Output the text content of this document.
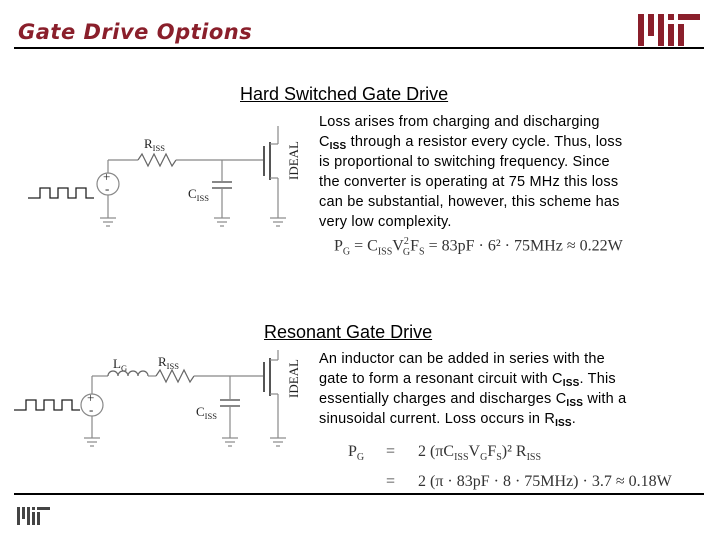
Gate Drive Options
Hard Switched Gate Drive
Loss arises from charging and discharging
$C_{ISS}$ through a resistor every cycle. Thus, loss
is proportional to switching frequency. Since
the converter is operating at 75 MHz this loss
can be substantial, however, this scheme has
very low complexity.
$R_{ISS}$
$C_{ISS}$
+
-
IDEAL
$P_G = C_{ISS}V^2_GF_S = 83pF \cdot 6^2 \cdot 75MHz \approx 0.22W$
Resonant Gate Drive
An inductor can be added in series with the
gate to form a resonant circuit with $C_{ISS}$. This
essentially charges and discharges $C_{ISS}$ with a
sinusoidal current. Loss occurs in $R_{ISS}$.
$L_G$ $R_{ISS}$
$C_{ISS}$
+
-
IDEAL
$P_G = 2$ $(\pi C_{ISS}V_GF_S)^2$ $R_{ISS}$
= 2 (π · 83pF · 8 · 75MHz) · 3.7 ≈ 0.18W
